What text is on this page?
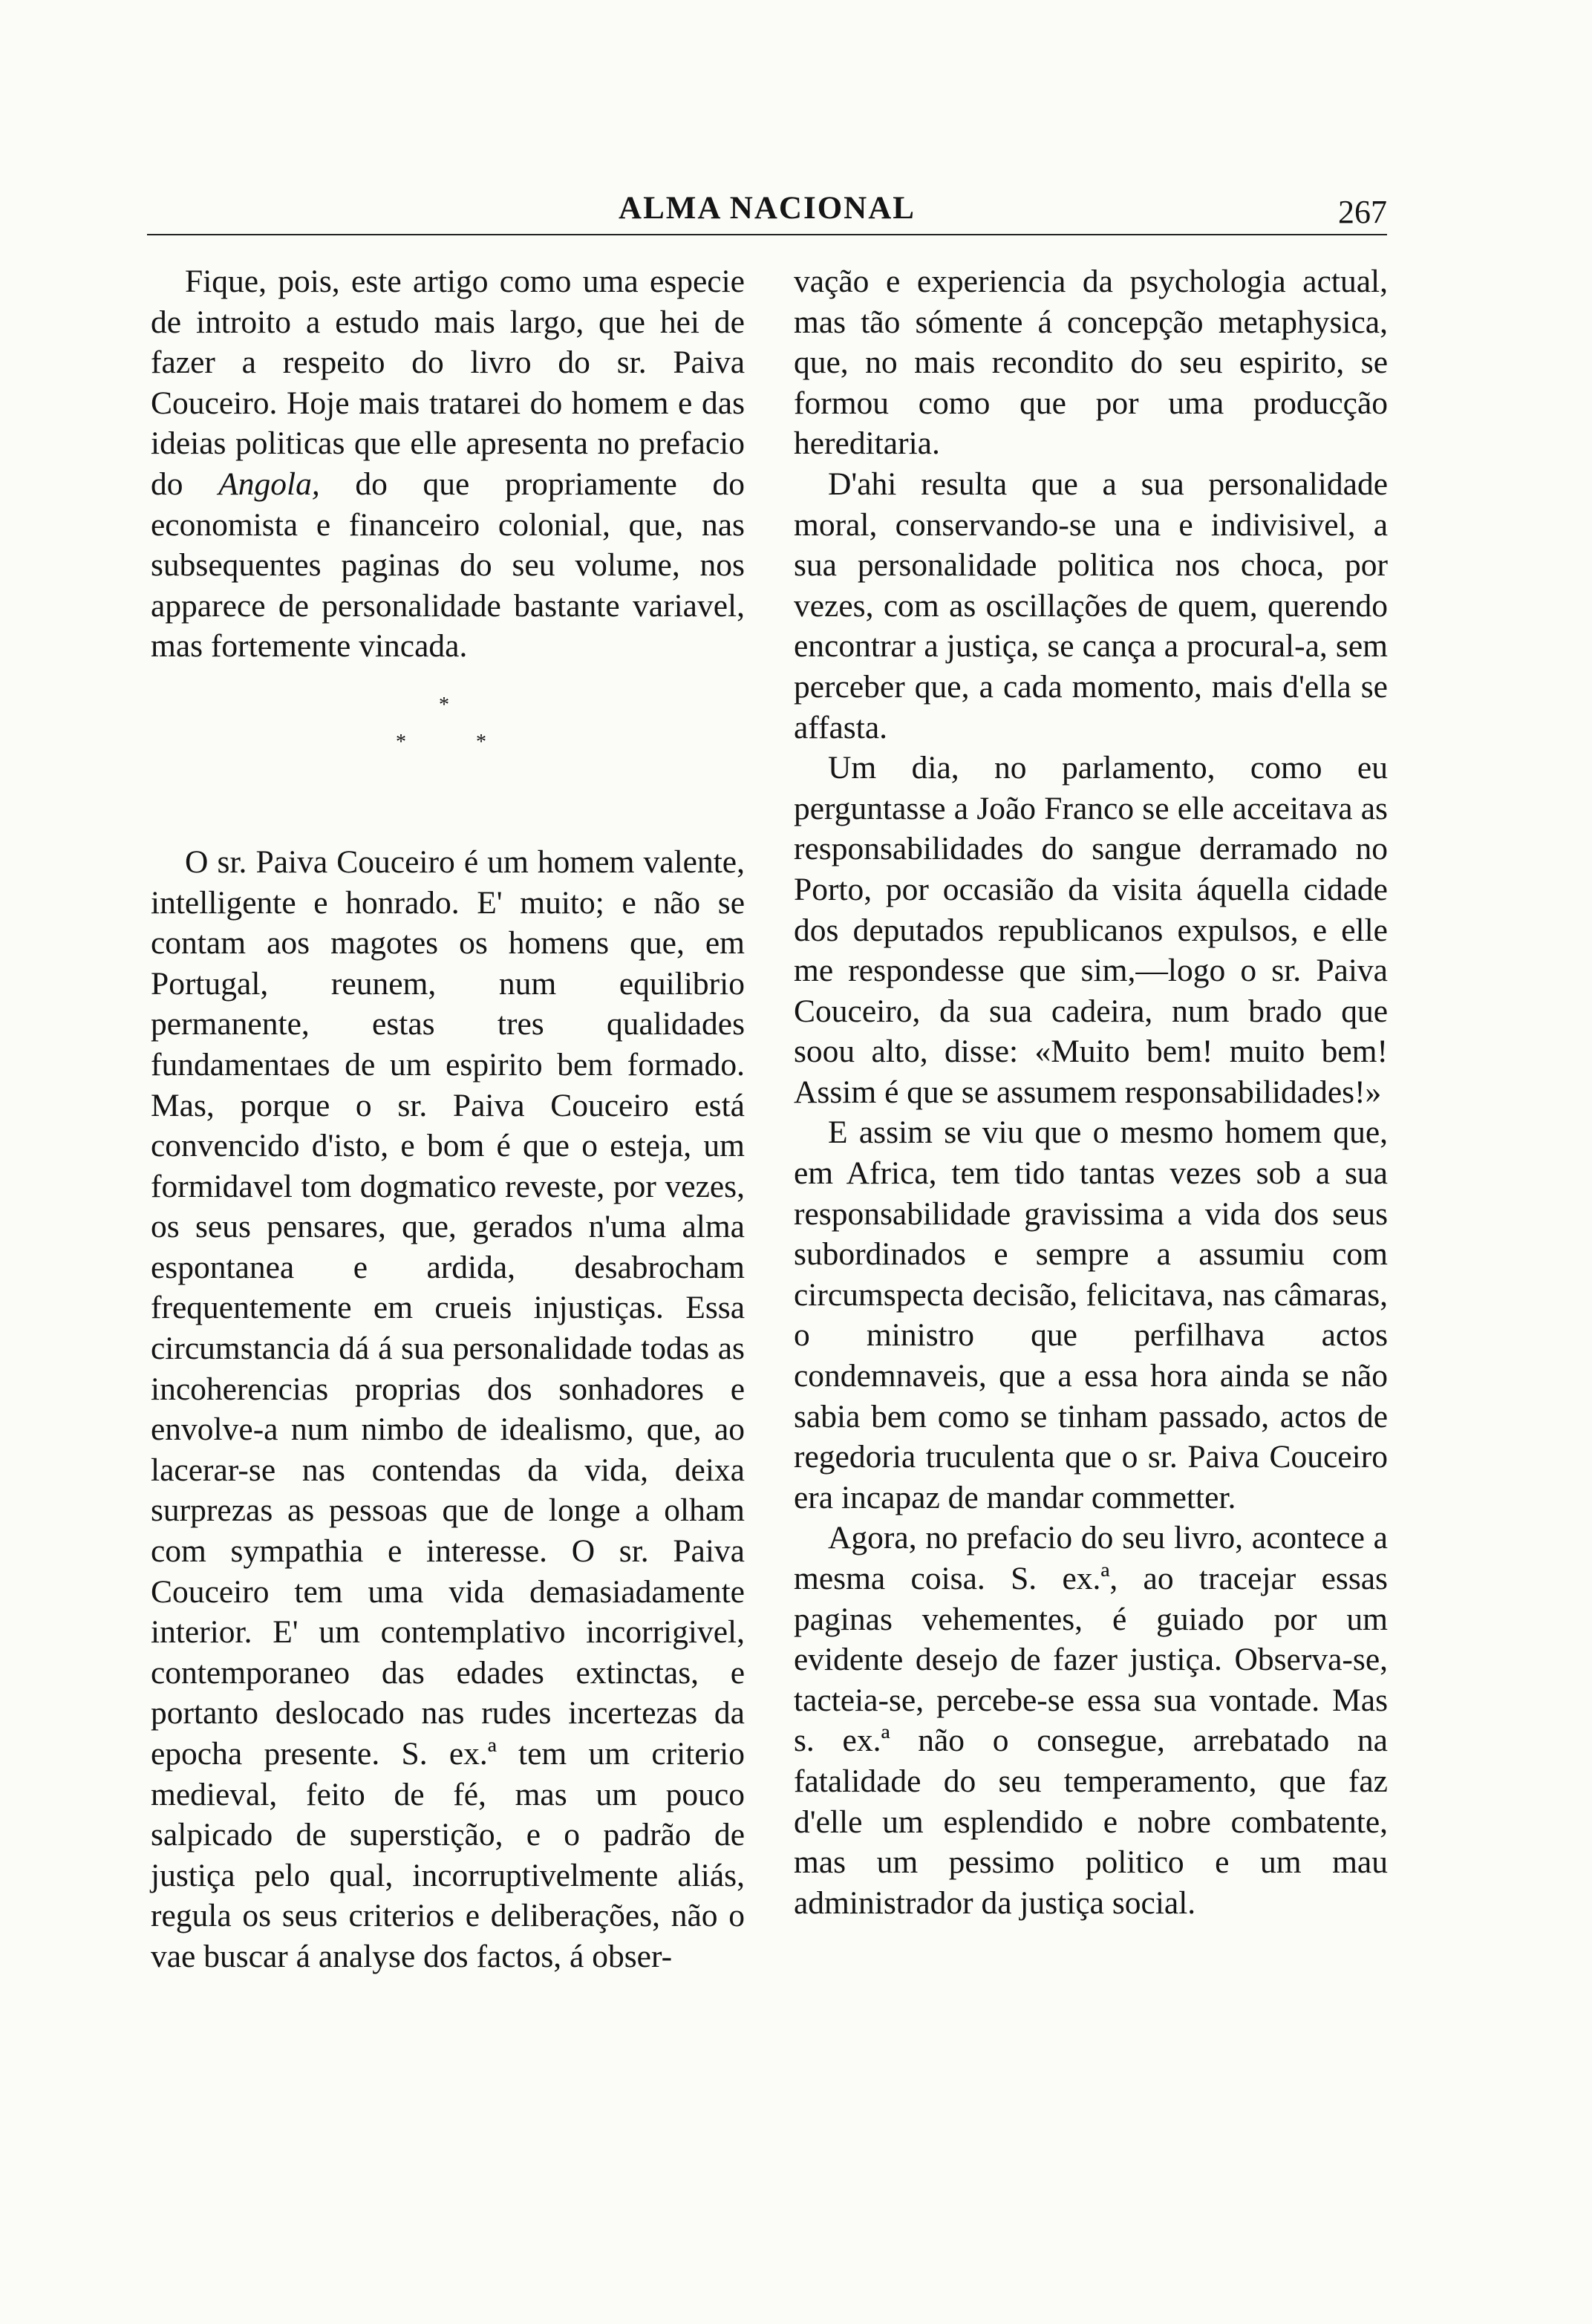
ALMA NACIONAL	267

Fique, pois, este artigo como uma especie de introito a estudo mais largo, que hei de fazer a respeito do livro do sr. Paiva Couceiro. Hoje mais tratarei do homem e das ideias politicas que elle apresenta no prefacio do Angola, do que propriamente do economista e financeiro colonial, que, nas subsequentes paginas do seu volume, nos apparece de personalidade bastante variavel, mas fortemente vincada.

*
*	*

O sr. Paiva Couceiro é um homem valente, intelligente e honrado. E' muito; e não se contam aos magotes os homens que, em Portugal, reunem, num equilibrio permanente, estas tres qualidades fundamentaes de um espirito bem formado. Mas, porque o sr. Paiva Couceiro está convencido d'isto, e bom é que o esteja, um formidavel tom dogmatico reveste, por vezes, os seus pensares, que, gerados n'uma alma espontanea e ardida, desabrocham frequentemente em crueis injustiças. Essa circumstancia dá á sua personalidade todas as incoherencias proprias dos sonhadores e envolve-a num nimbo de idealismo, que, ao lacerar-se nas contendas da vida, deixa surprezas as pessoas que de longe a olham com sympathia e interesse. O sr. Paiva Couceiro tem uma vida demasiadamente interior. E' um contemplativo incorrigivel, contemporaneo das edades extinctas, e portanto deslocado nas rudes incertezas da epocha presente. S. ex.ª tem um criterio medieval, feito de fé, mas um pouco salpicado de superstição, e o padrão de justiça pelo qual, incorruptivelmente aliás, regula os seus criterios e deliberações, não o vae buscar á analyse dos factos, á obser-

vação e experiencia da psychologia actual, mas tão sómente á concepção metaphysica, que, no mais recondito do seu espirito, se formou como que por uma producção hereditaria.

D'ahi resulta que a sua personalidade moral, conservando-se una e indivisivel, a sua personalidade politica nos choca, por vezes, com as oscillações de quem, querendo encontrar a justiça, se cança a procural-a, sem perceber que, a cada momento, mais d'ella se affasta.

Um dia, no parlamento, como eu perguntasse a João Franco se elle acceitava as responsabilidades do sangue derramado no Porto, por occasião da visita áquella cidade dos deputados republicanos expulsos, e elle me respondesse que sim,—logo o sr. Paiva Couceiro, da sua cadeira, num brado que soou alto, disse: «Muito bem! muito bem! Assim é que se assumem responsabilidades!»

E assim se viu que o mesmo homem que, em Africa, tem tido tantas vezes sob a sua responsabilidade gravissima a vida dos seus subordinados e sempre a assumiu com circumspecta decisão, felicitava, nas câmaras, o ministro que perfilhava actos condemnaveis, que a essa hora ainda se não sabia bem como se tinham passado, actos de regedoria truculenta que o sr. Paiva Couceiro era incapaz de mandar commetter.

Agora, no prefacio do seu livro, acontece a mesma coisa. S. ex.ª, ao tracejar essas paginas vehementes, é guiado por um evidente desejo de fazer justiça. Observa-se, tacteia-se, percebe-se essa sua vontade. Mas s. ex.ª não o consegue, arrebatado na fatalidade do seu temperamento, que faz d'elle um esplendido e nobre combatente, mas um pessimo politico e um mau administrador da justiça social.
